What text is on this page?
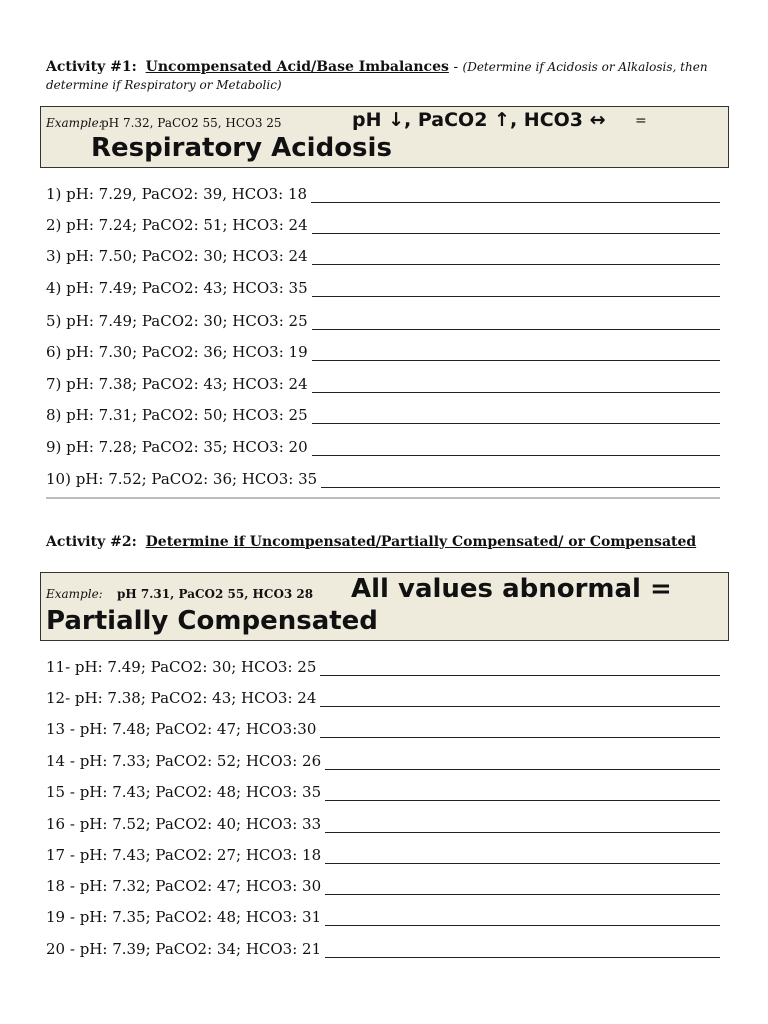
Activity #1: Uncompensated Acid/Base Imbalances - (Determine if Acidosis or Alkalosis, then
determine if Respiratory or Metabolic)
Example:
pH 7.32, PaCO2 55, HCO3 25	pH ↓, PaCO2 ↑, HCO3 ↔ =
Respiratory Acidosis
1) pH: 7.29, PaCO2: 39, HCO3: 18
2) pH: 7.24; PaCO2: 51; HCO3: 24
3) pH: 7.50; PaCO2: 30; HCO3: 24
4) pH: 7.49; PaCO2: 43; HCO3: 35
5) pH: 7.49; PaCO2: 30; HCO3: 25
6) pH: 7.30; PaCO2: 36; HCO3: 19
7) pH: 7.38; PaCO2: 43; HCO3: 24
8) pH: 7.31; PaCO2: 50; HCO3: 25
9) pH: 7.28; PaCO2: 35; HCO3: 20
10) pH: 7.52; PaCO2: 36; HCO3: 35
Activity #2: Determine if Uncompensated/Partially Compensated/ or Compensated
Example: pH 7.31, PaCO2 55, HCO3 28 All values abnormal =
Partially Compensated
11- pH: 7.49; PaCO2: 30; HCO3: 25
12- pH: 7.38; PaCO2: 43; HCO3: 24
13 - pH: 7.48; PaCO2: 47; HCO3:30
14 - pH: 7.33; PaCO2: 52; HCO3: 26
15 - pH: 7.43; PaCO2: 48; HCO3: 35
16 - pH: 7.52; PaCO2: 40; HCO3: 33
17 - pH: 7.43; PaCO2: 27; HCO3: 18
18 - pH: 7.32; PaCO2: 47; HCO3: 30
19 - pH: 7.35; PaCO2: 48; HCO3: 31
20 - pH: 7.39; PaCO2: 34; HCO3: 21
